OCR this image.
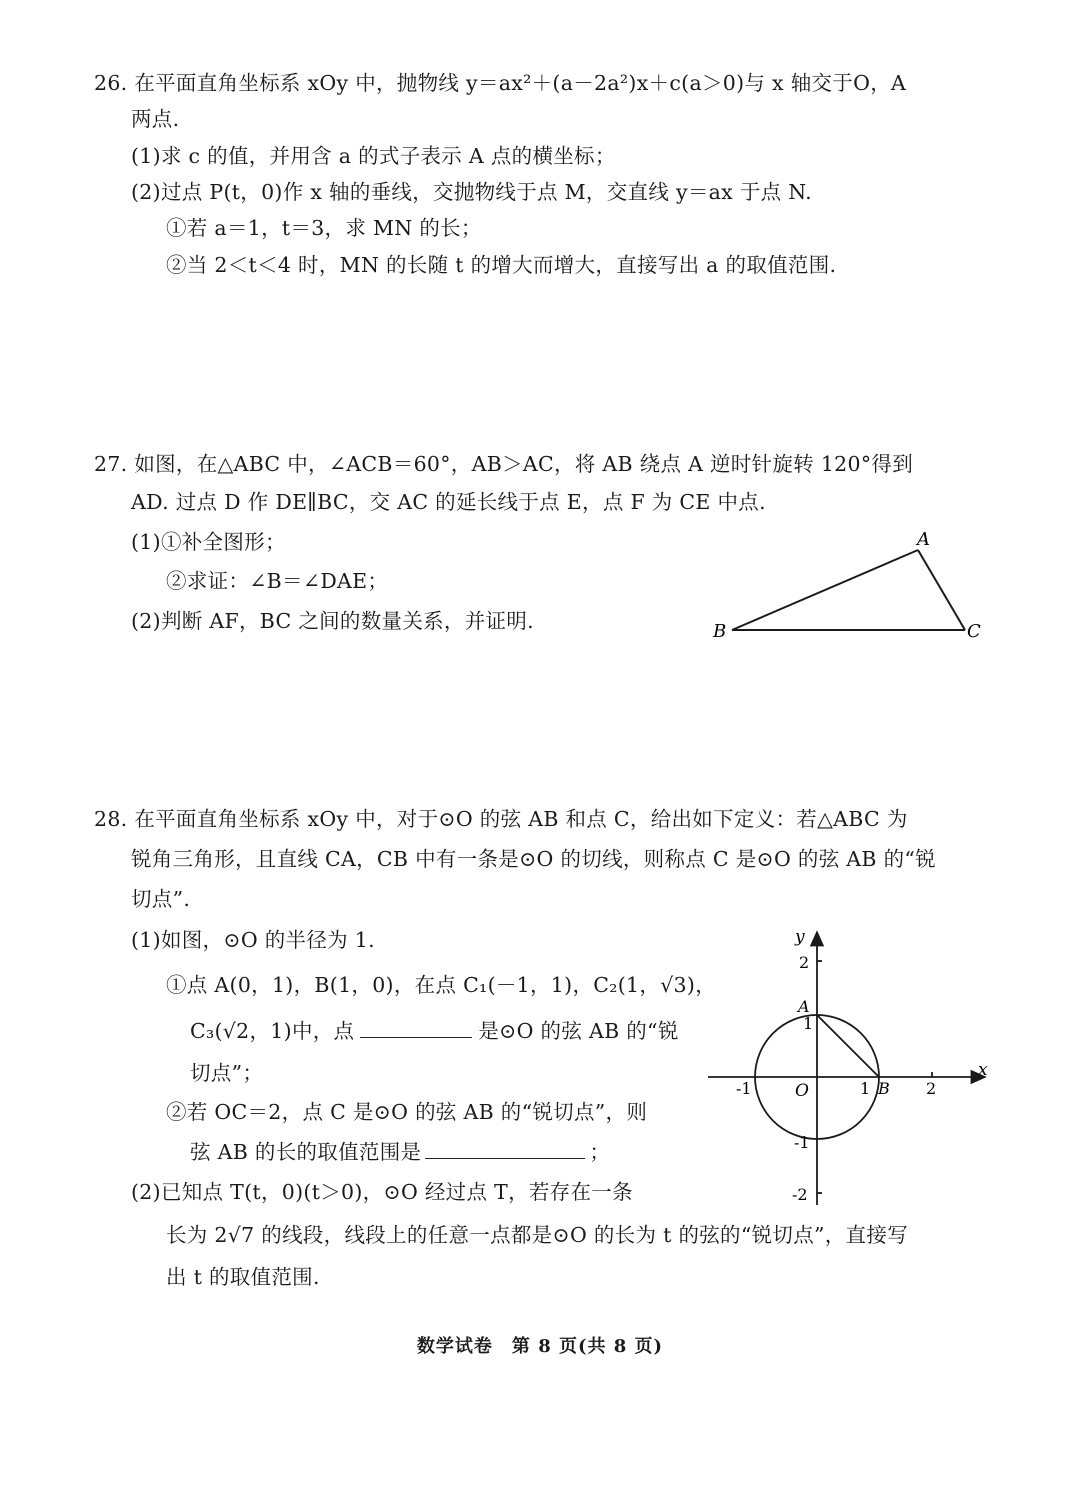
26. 在平面直角坐标系 xOy 中，抛物线 y＝ax²＋(a－2a²)x＋c(a＞0)与 x 轴交于O，A
两点.
(1)求 c 的值，并用含 a 的式子表示 A 点的横坐标；
(2)过点 P(t，0)作 x 轴的垂线，交抛物线于点 M，交直线 y＝ax 于点 N.
①若 a＝1，t＝3，求 MN 的长；
②当 2＜t＜4 时，MN 的长随 t 的增大而增大，直接写出 a 的取值范围.
27. 如图，在△ABC 中，∠ACB＝60°，AB＞AC，将 AB 绕点 A 逆时针旋转 120°得到
AD. 过点 D 作 DE∥BC，交 AC 的延长线于点 E，点 F 为 CE 中点.
(1)①补全图形；
②求证：∠B＝∠DAE；
(2)判断 AF，BC 之间的数量关系，并证明.
A
B	C
28. 在平面直角坐标系 xOy 中，对于⊙O 的弦 AB 和点 C，给出如下定义：若△ABC 为
锐角三角形，且直线 CA，CB 中有一条是⊙O 的切线，则称点 C 是⊙O 的弦 AB 的“锐
切点”.
(1)如图，⊙O 的半径为 1.
①点 A(0，1)，B(1，0)，在点 C₁(－1，1)，C₂(1，√3)，
C₃(√2，1)中，点	是⊙O 的弦 AB 的“锐
切点”；
②若 OC＝2，点 C 是⊙O 的弦 AB 的“锐切点”，则
弦 AB 的长的取值范围是	；
(2)已知点 T(t，0)(t＞0)，⊙O 经过点 T，若存在一条
长为 2√7 的线段，线段上的任意一点都是⊙O 的长为 t 的弦的“锐切点”，直接写
出 t 的取值范围.
y
x
O
2
A
1
-1	1 B 2
-1
-2
数学试卷　第 8 页(共 8 页)
